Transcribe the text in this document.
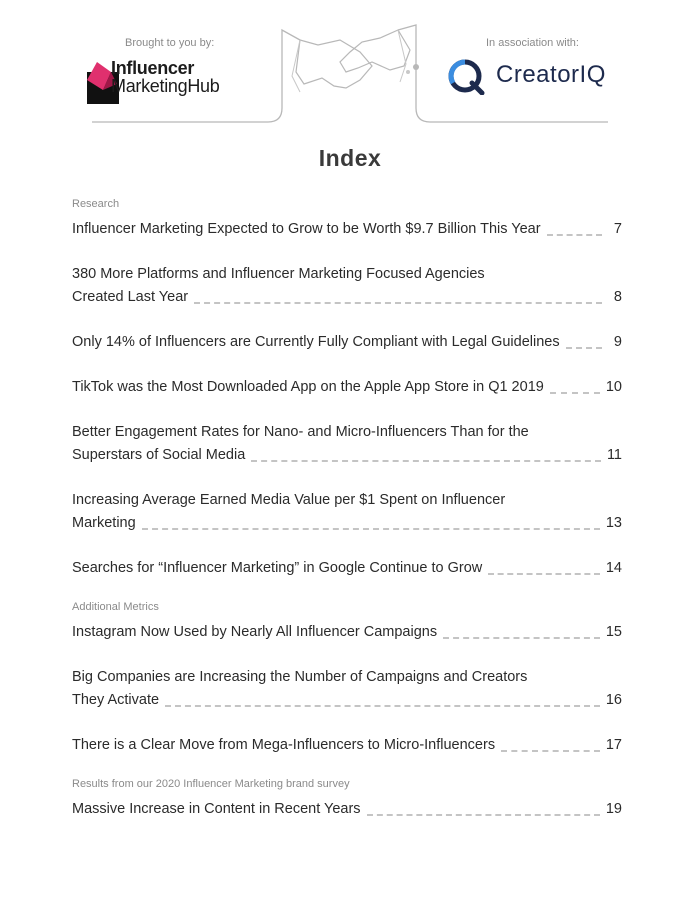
Brought to you by:	In association with:
Influencer
MarketingHub	CreatorIQ
Index
Research
Influencer Marketing Expected to Grow to be Worth $9.7 Billion This Year	7
380 More Platforms and Influencer Marketing Focused Agencies
Created Last Year	8
Only 14% of Influencers are Currently Fully Compliant with Legal Guidelines	9
TikTok was the Most Downloaded App on the Apple App Store in Q1 2019	10
Better Engagement Rates for Nano- and Micro-Influencers Than for the
Superstars of Social Media	11
Increasing Average Earned Media Value per $1 Spent on Influencer
Marketing	13
Searches for “Influencer Marketing” in Google Continue to Grow	14
Additional Metrics
Instagram Now Used by Nearly All Influencer Campaigns	15
Big Companies are Increasing the Number of Campaigns and Creators
They Activate	16
There is a Clear Move from Mega-Influencers to Micro-Influencers	17
Results from our 2020 Influencer Marketing brand survey
Massive Increase in Content in Recent Years	19
